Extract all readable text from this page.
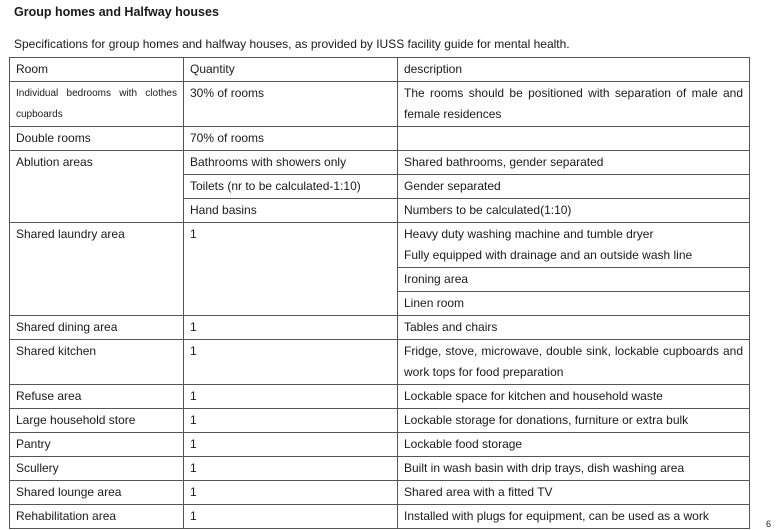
Group homes and Halfway houses
Specifications for group homes and halfway houses, as provided by IUSS facility guide for mental health.
Room	Quantity	description

Individual bedrooms with clothes
cupboards	30% of rooms	The rooms should be positioned with separation of male and female residences
Double rooms	70% of rooms	
Ablution areas	Bathrooms with showers only	Shared bathrooms, gender separated
	Toilets (nr to be calculated-1:10)	Gender separated
	Hand basins	Numbers to be calculated(1:10)
Shared laundry area	1	Heavy duty washing machine and tumble dryer
Fully equipped with drainage and an outside wash line

		Ironing area
		Linen room
Shared dining area	1	Tables and chairs
Shared kitchen	1	Fridge, stove, microwave, double sink, lockable cupboards and work tops for food preparation
Refuse area	1	Lockable space for kitchen and household waste
Large household store	1	Lockable storage for donations, furniture or extra bulk
Pantry	1	Lockable food storage
Scullery	1	Built in wash basin with drip trays, dish washing area
Shared lounge area	1	Shared area with a fitted TV
Rehabilitation area	1	Installed with plugs for equipment, can be used as a work
6
